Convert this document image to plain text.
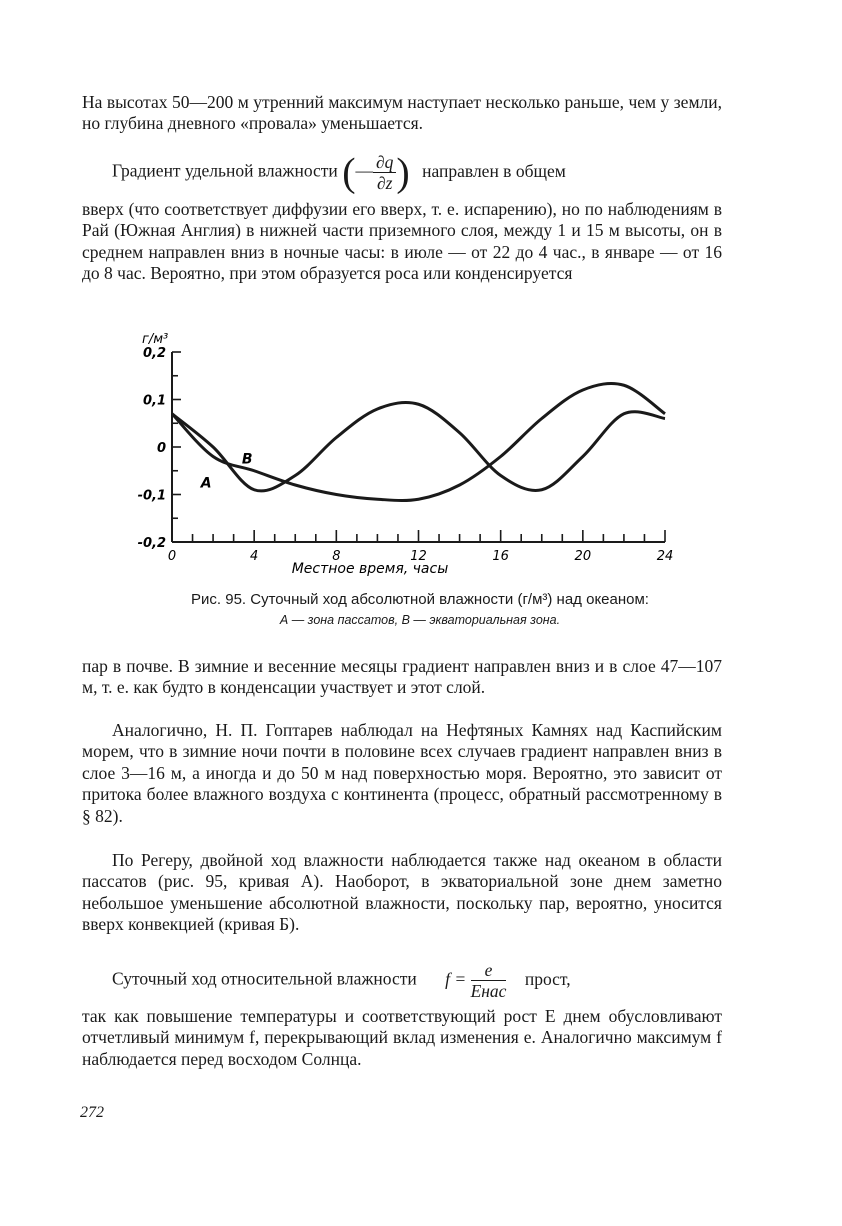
На высотах 50—200 м утренний максимум наступает несколько раньше, чем у земли, но глубина дневного «провала» уменьшается.

Градиент удельной влажности (— $\frac{\partial q}{\partial z}$ ) направлен в общем

вверх (что соответствует диффузии его вверх, т. е. испарению), но по наблюдениям в Рай (Южная Англия) в нижней части приземного слоя, между 1 и 15 м высоты, он в среднем направлен вниз в ночные часы: в июле — от 22 до 4 час., в январе — от 16 до 8 час. Вероятно, при этом образуется роса или конденсируется

г/м³
0	4	8	12	16	20	24
-0,2
-0,1
0
0,1
0,2
А
В
Местное время, часы
Рис. 95. Суточный ход абсолютной влажности (г/м³) над океаном:
А — зона пассатов, В — экваториальная зона.

пар в почве. В зимние и весенние месяцы градиент направлен вниз и в слое 47—107 м, т. е. как будто в конденсации участвует и этот слой.

Аналогично, Н. П. Гоптарев наблюдал на Нефтяных Камнях над Каспийским морем, что в зимние ночи почти в половине всех случаев градиент направлен вниз в слое 3—16 м, а иногда и до 50 м над поверхностью моря. Вероятно, это зависит от притока более влажного воздуха с континента (процесс, обратный рассмотренному в § 82).

По Регеру, двойной ход влажности наблюдается также над океаном в области пассатов (рис. 95, кривая А). Наоборот, в экваториальной зоне днем заметно небольшое уменьшение абсолютной влажности, поскольку пар, вероятно, уносится вверх конвекцией (кривая Б).

Суточный ход относительной влажности $f = \frac{e}{\text{Eнас}}$ прост,

так как повышение температуры и соответствующий рост E днем обусловливают отчетливый минимум f, перекрывающий вклад изменения e. Аналогично максимум f наблюдается перед восходом Солнца.

272
